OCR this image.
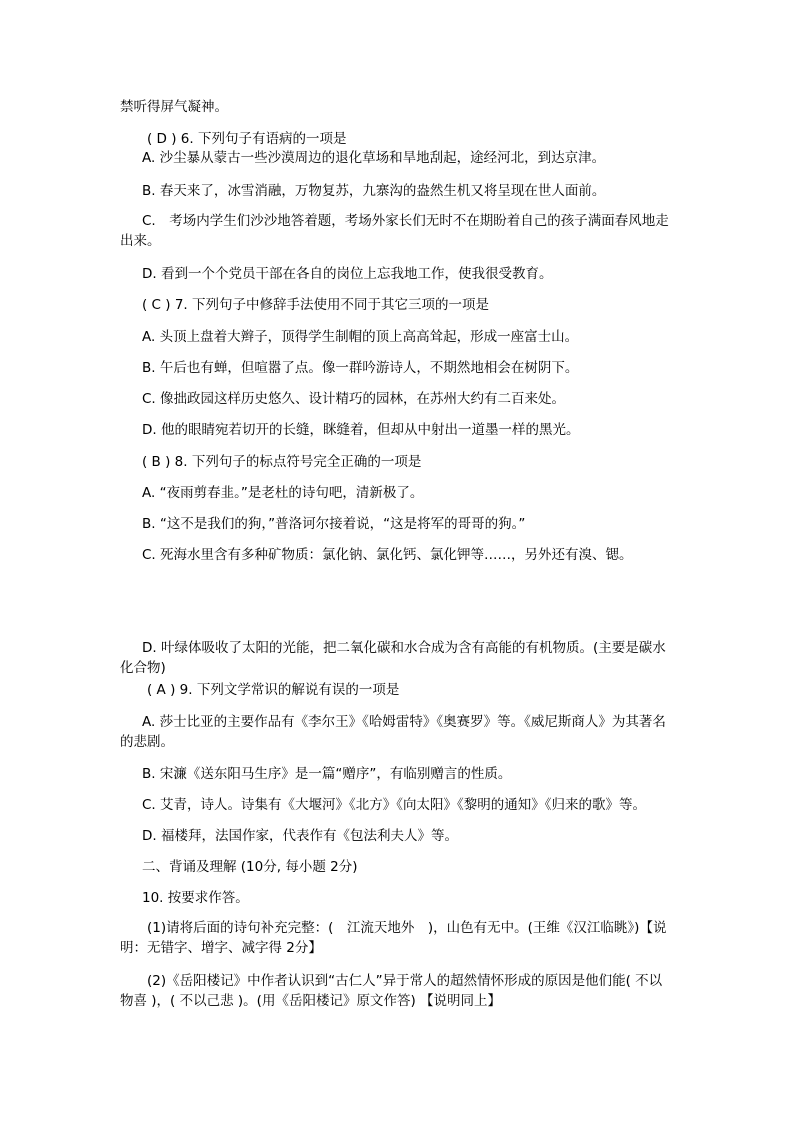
禁听得屏气凝神。
( D ) 6. 下列句子有语病的一项是
A. 沙尘暴从蒙古一些沙漠周边的退化草场和旱地刮起，途经河北，到达京津。
B. 春天来了，冰雪消融，万物复苏，九寨沟的盎然生机又将呈现在世人面前。
C.　考场内学生们沙沙地答着题，考场外家长们无时不在期盼着自己的孩子满面春风地走出来。
D. 看到一个个党员干部在各自的岗位上忘我地工作，使我很受教育。
( C ) 7. 下列句子中修辞手法使用不同于其它三项的一项是
A. 头顶上盘着大辫子，顶得学生制帽的顶上高高耸起，形成一座富士山。
B. 午后也有蝉，但喧嚣了点。像一群吟游诗人，不期然地相会在树阴下。
C. 像拙政园这样历史悠久、设计精巧的园林，在苏州大约有二百来处。
D. 他的眼睛宛若切开的长缝，眯缝着，但却从中射出一道墨一样的黑光。
( B ) 8. 下列句子的标点符号完全正确的一项是
A. “夜雨剪春韭。”是老杜的诗句吧，清新极了。
B. “这不是我们的狗，”普洛诃尔接着说，“这是将军的哥哥的狗。”
C. 死海水里含有多种矿物质：氯化钠、氯化钙、氯化钾等……，另外还有溴、锶。
D. 叶绿体吸收了太阳的光能，把二氧化碳和水合成为含有高能的有机物质。(主要是碳水化合物)
( A ) 9. 下列文学常识的解说有误的一项是
A. 莎士比亚的主要作品有《李尔王》《哈姆雷特》《奥赛罗》等。《威尼斯商人》为其著名的悲剧。
B. 宋濂《送东阳马生序》是一篇“赠序”，有临别赠言的性质。
C. 艾青，诗人。诗集有《大堰河》《北方》《向太阳》《黎明的通知》《归来的歌》等。
D. 福楼拜，法国作家，代表作有《包法利夫人》等。
二、背诵及理解 (10分, 每小题 2分)
10. 按要求作答。
(1)请将后面的诗句补充完整：(　江流天地外　)，山色有无中。(王维《汉江临眺》)【说明：无错字、增字、减字得 2分】
(2)《岳阳楼记》中作者认识到“古仁人”异于常人的超然情怀形成的原因是他们能( 不以物喜 )，( 不以己悲 )。(用《岳阳楼记》原文作答) 【说明同上】
